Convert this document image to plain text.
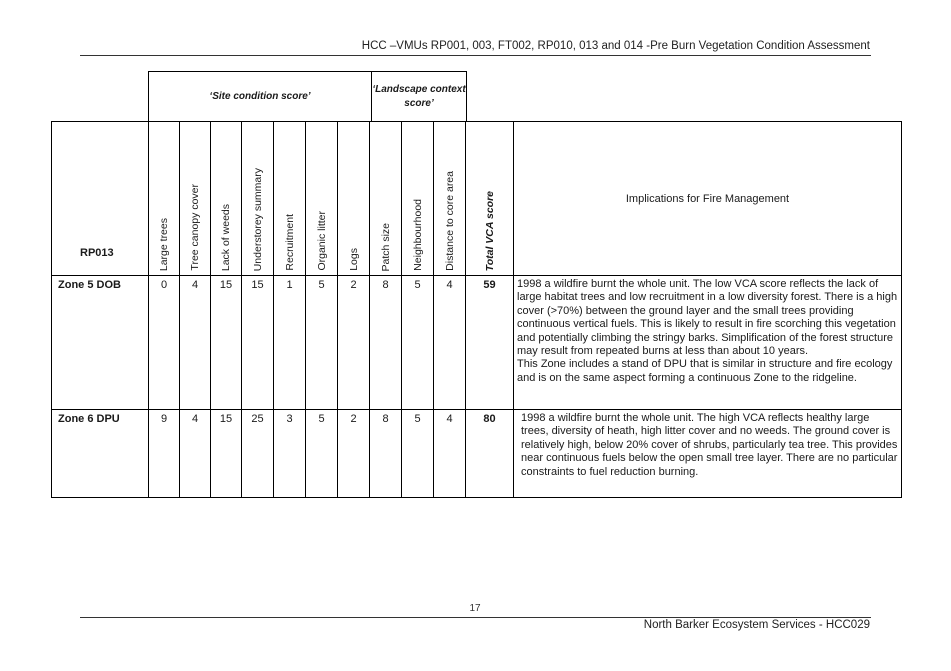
HCC –VMUs RP001, 003, FT002, RP010, 013 and 014 -Pre Burn Vegetation Condition Assessment
‘Site condition score’
‘Landscape context score’
RP013	Large trees	Tree canopy cover	Lack of weeds	Understorey summary	Recruitment	Organic litter	Logs	Patch size	Neighbourhood	Distance to core area	Total VCA score	Implications for Fire Management
Zone 5 DOB	0	4	15	15	1	5	2	8	5	4	59	1998 a wildfire burnt the whole unit. The low VCA score reflects the lack of large habitat trees and low recruitment in a low diversity forest. There is a high cover (>70%) between the ground layer and the small trees providing continuous vertical fuels. This is likely to result in fire scorching this vegetation and potentially climbing the stringy barks. Simplification of the forest structure may result from repeated burns at less than about 10 years.

This Zone includes a stand of DPU that is similar in structure and fire ecology and is on the same aspect forming a continuous Zone to the ridgeline.

Zone 6 DPU	9	4	15	25	3	5	2	8	5	4	80	1998 a wildfire burnt the whole unit. The high VCA reflects healthy large trees, diversity of heath, high litter cover and no weeds. The ground cover is relatively high, below 20% cover of shrubs, particularly tea tree. This provides near continuous fuels below the open small tree layer. There are no particular constraints to fuel reduction burning.

17
North Barker Ecosystem Services - HCC029
